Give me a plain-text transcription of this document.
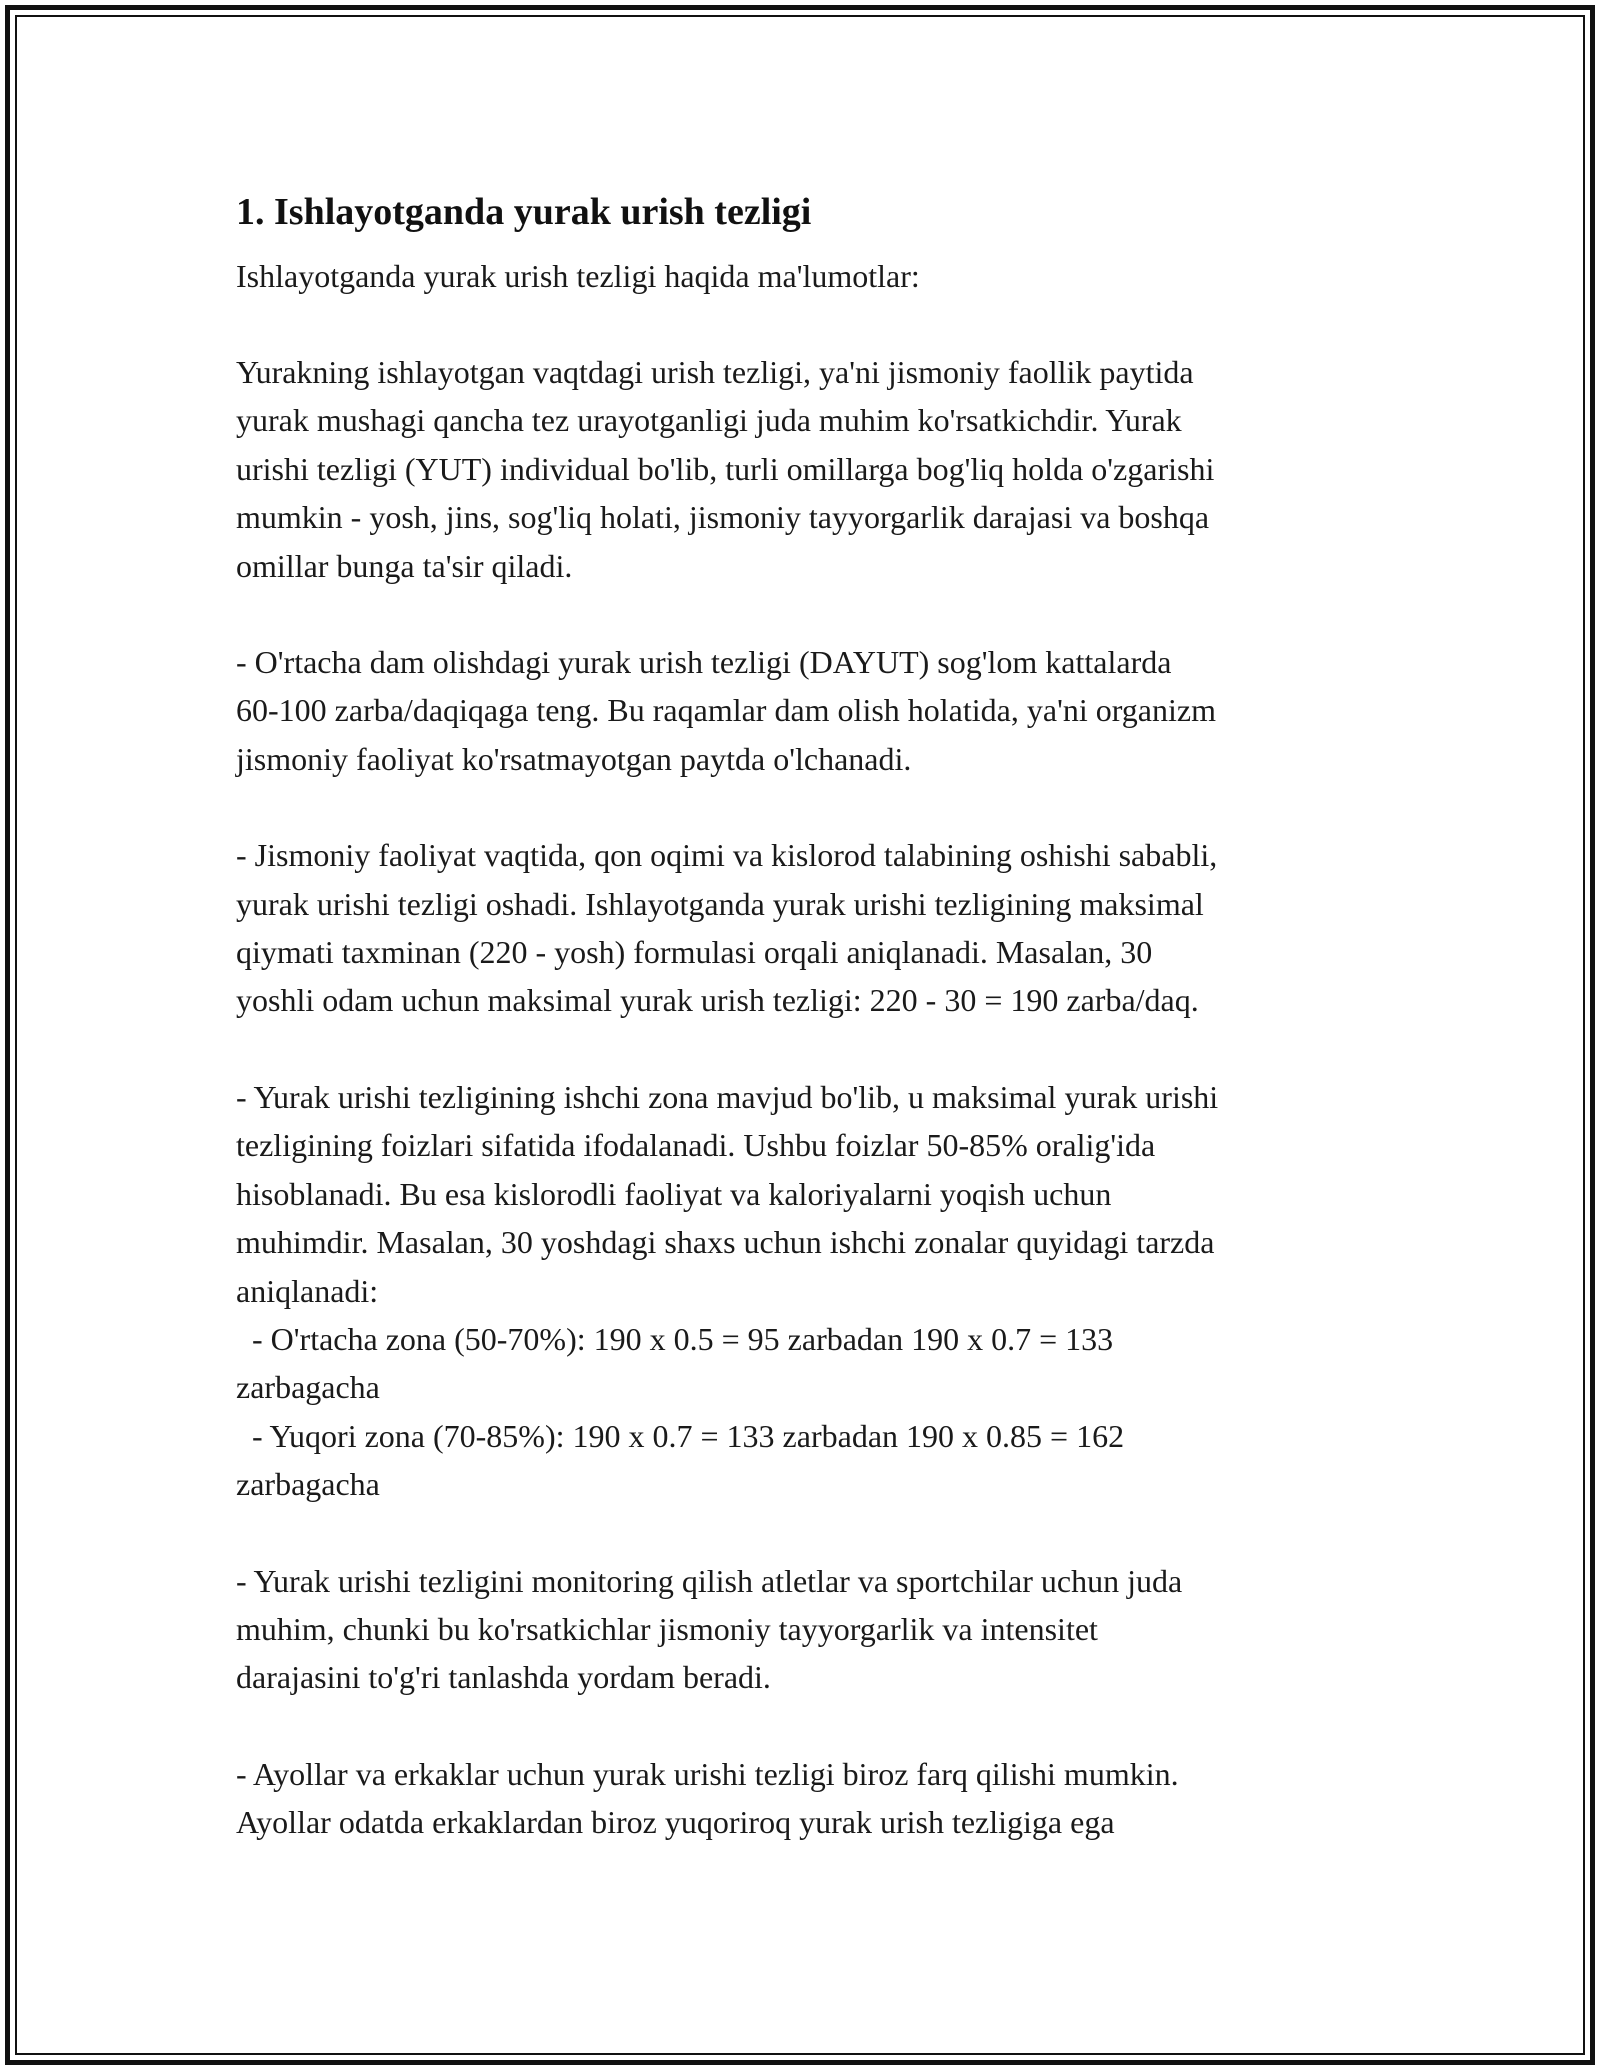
1. Ishlayotganda yurak urish tezligi

Ishlayotganda yurak urish tezligi haqida ma'lumotlar:

Yurakning ishlayotgan vaqtdagi urish tezligi, ya'ni jismoniy faollik paytida
yurak mushagi qancha tez urayotganligi juda muhim ko'rsatkichdir. Yurak
urishi tezligi (YUT) individual bo'lib, turli omillarga bog'liq holda o'zgarishi
mumkin - yosh, jins, sog'liq holati, jismoniy tayyorgarlik darajasi va boshqa
omillar bunga ta'sir qiladi.

- O'rtacha dam olishdagi yurak urish tezligi (DAYUT) sog'lom kattalarda
60-100 zarba/daqiqaga teng. Bu raqamlar dam olish holatida, ya'ni organizm
jismoniy faoliyat ko'rsatmayotgan paytda o'lchanadi.

- Jismoniy faoliyat vaqtida, qon oqimi va kislorod talabining oshishi sababli,
yurak urishi tezligi oshadi. Ishlayotganda yurak urishi tezligining maksimal
qiymati taxminan (220 - yosh) formulasi orqali aniqlanadi. Masalan, 30
yoshli odam uchun maksimal yurak urish tezligi: 220 - 30 = 190 zarba/daq.

- Yurak urishi tezligining ishchi zona mavjud bo'lib, u maksimal yurak urishi
tezligining foizlari sifatida ifodalanadi. Ushbu foizlar 50-85% oralig'ida
hisoblanadi. Bu esa kislorodli faoliyat va kaloriyalarni yoqish uchun
muhimdir. Masalan, 30 yoshdagi shaxs uchun ishchi zonalar quyidagi tarzda
aniqlanadi:
- O'rtacha zona (50-70%): 190 x 0.5 = 95 zarbadan 190 x 0.7 = 133
zarbagacha
- Yuqori zona (70-85%): 190 x 0.7 = 133 zarbadan 190 x 0.85 = 162
zarbagacha

- Yurak urishi tezligini monitoring qilish atletlar va sportchilar uchun juda
muhim, chunki bu ko'rsatkichlar jismoniy tayyorgarlik va intensitet
darajasini to'g'ri tanlashda yordam beradi.

- Ayollar va erkaklar uchun yurak urishi tezligi biroz farq qilishi mumkin.
Ayollar odatda erkaklardan biroz yuqoriroq yurak urish tezligiga ega
